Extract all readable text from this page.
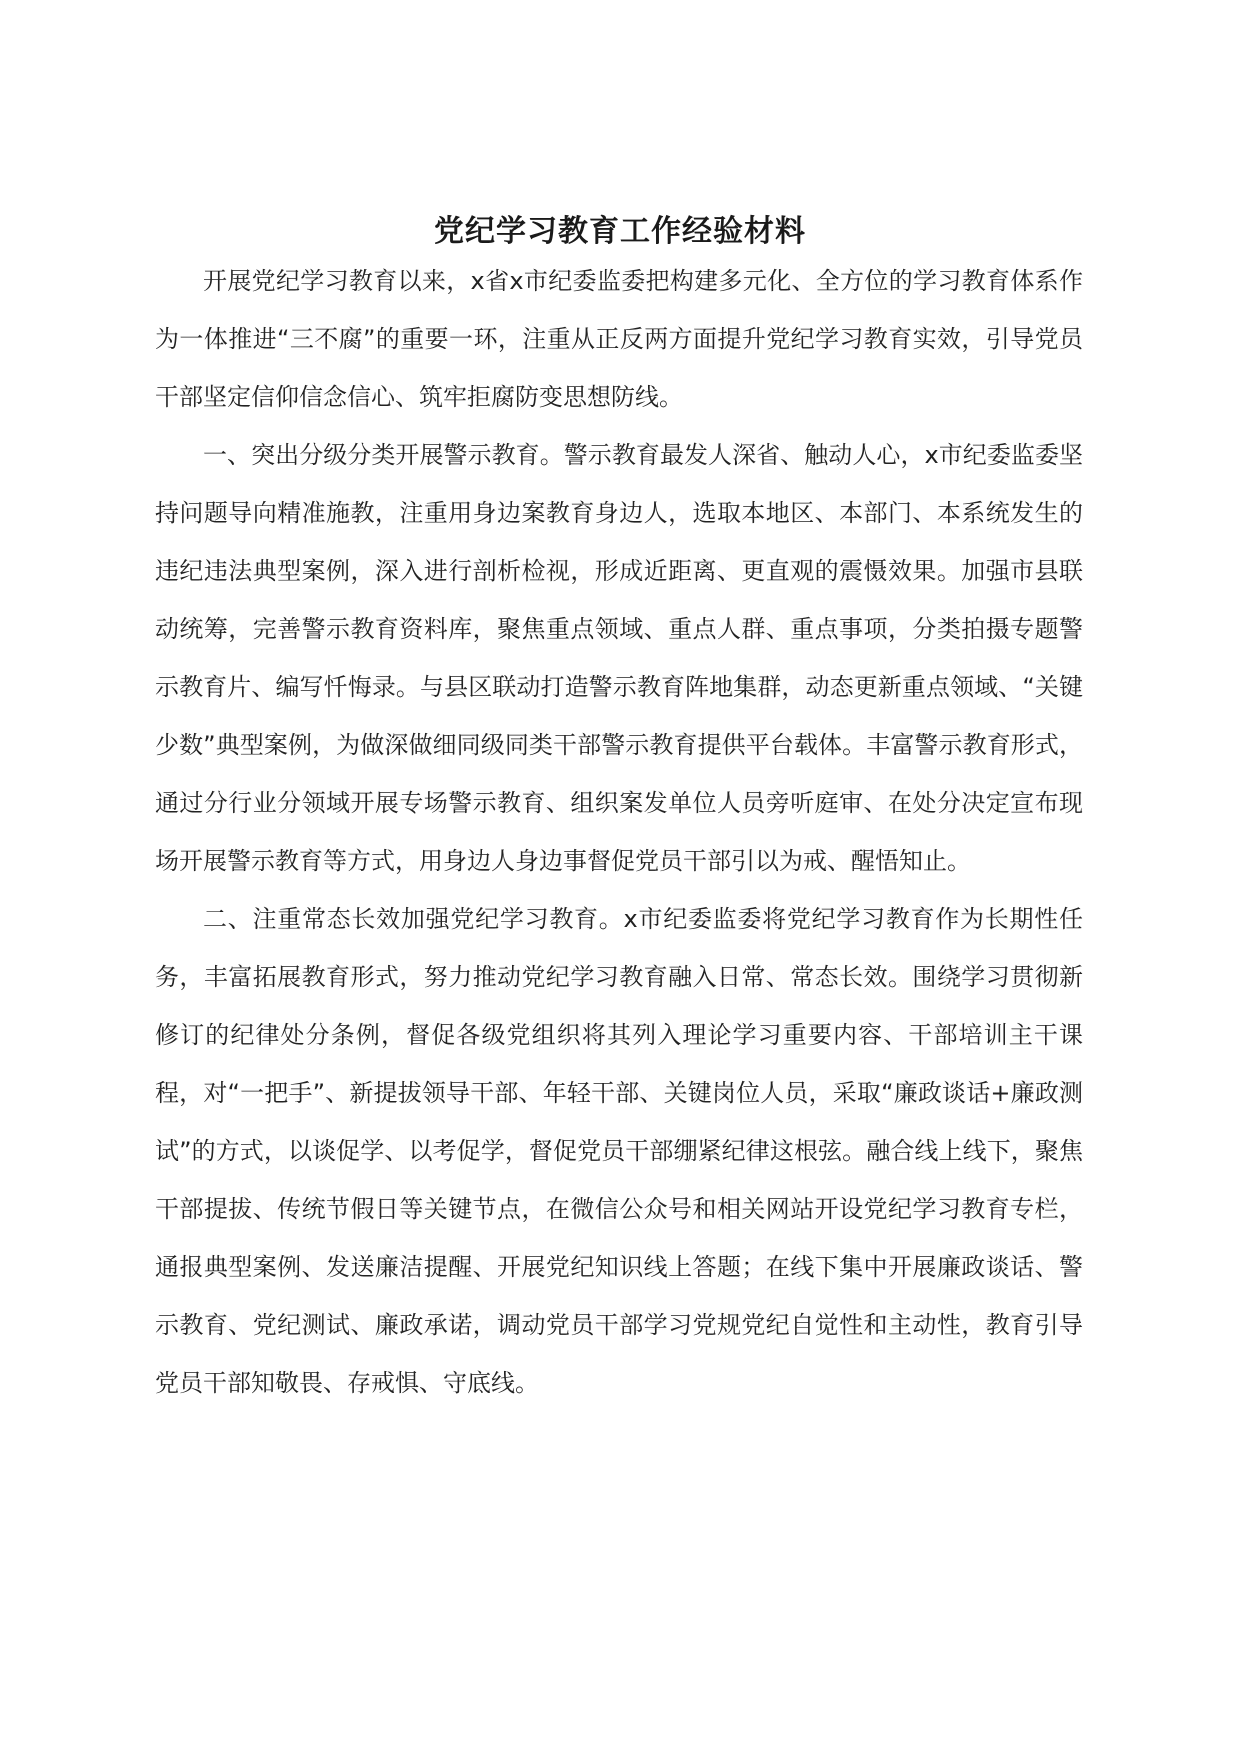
党纪学习教育工作经验材料

开展党纪学习教育以来，x省x市纪委监委把构建多元化、全方位的学习教育体系作为一体推进“三不腐”的重要一环，注重从正反两方面提升党纪学习教育实效，引导党员干部坚定信仰信念信心、筑牢拒腐防变思想防线。

一、突出分级分类开展警示教育。警示教育最发人深省、触动人心，x市纪委监委坚持问题导向精准施教，注重用身边案教育身边人，选取本地区、本部门、本系统发生的违纪违法典型案例，深入进行剖析检视，形成近距离、更直观的震慑效果。加强市县联动统筹，完善警示教育资料库，聚焦重点领域、重点人群、重点事项，分类拍摄专题警示教育片、编写忏悔录。与县区联动打造警示教育阵地集群，动态更新重点领域、“关键少数”典型案例，为做深做细同级同类干部警示教育提供平台载体。丰富警示教育形式，通过分行业分领域开展专场警示教育、组织案发单位人员旁听庭审、在处分决定宣布现场开展警示教育等方式，用身边人身边事督促党员干部引以为戒、醒悟知止。

二、注重常态长效加强党纪学习教育。x市纪委监委将党纪学习教育作为长期性任务，丰富拓展教育形式，努力推动党纪学习教育融入日常、常态长效。围绕学习贯彻新修订的纪律处分条例，督促各级党组织将其列入理论学习重要内容、干部培训主干课程，对“一把手”、新提拔领导干部、年轻干部、关键岗位人员，采取“廉政谈话+廉政测试”的方式，以谈促学、以考促学，督促党员干部绷紧纪律这根弦。融合线上线下，聚焦干部提拔、传统节假日等关键节点，在微信公众号和相关网站开设党纪学习教育专栏，通报典型案例、发送廉洁提醒、开展党纪知识线上答题；在线下集中开展廉政谈话、警示教育、党纪测试、廉政承诺，调动党员干部学习党规党纪自觉性和主动性，教育引导党员干部知敬畏、存戒惧、守底线。
